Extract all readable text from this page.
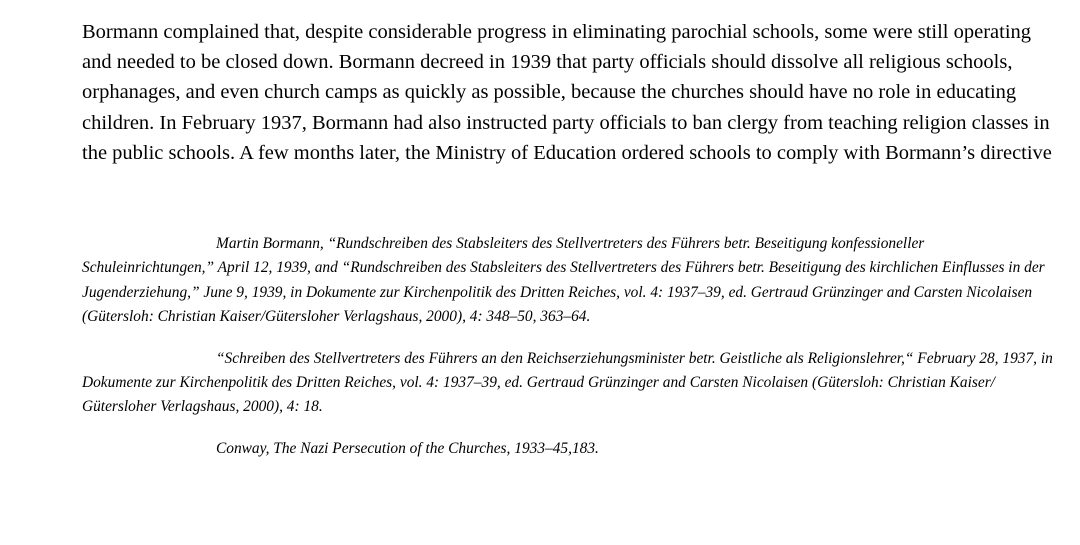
Bormann complained that, despite considerable progress in eliminating parochial schools, some were still operating and needed to be closed down. Bormann decreed in 1939 that party officials should dissolve all religious schools, orphanages, and even church camps as quickly as possible, because the churches should have no role in educating children. In February 1937, Bormann had also instructed party officials to ban clergy from teaching religion classes in the public schools. A few months later, the Ministry of Education ordered schools to comply with Bormann’s directive

Martin Bormann, “Rundschreiben des Stabsleiters des Stellvertreters des Führers betr. Beseitigung konfessioneller Schuleinrichtungen,” April 12, 1939, and “Rundschreiben des Stabsleiters des Stellvertreters des Führers betr. Beseitigung des kirchlichen Einflusses in der Jugenderziehung,” June 9, 1939, in Dokumente zur Kirchenpolitik des Dritten Reiches, vol. 4: 1937–39, ed. Gertraud Grünzinger and Carsten Nicolaisen (Gütersloh: Christian Kaiser/Gütersloher Verlagshaus, 2000), 4: 348–50, 363–64.

“Schreiben des Stellvertreters des Führers an den Reichserziehungsminister betr. Geistliche als Religionslehrer,“ February 28, 1937, in Dokumente zur Kirchenpolitik des Dritten Reiches, vol. 4: 1937–39, ed. Gertraud Grünzinger and Carsten Nicolaisen (Gütersloh: Christian Kaiser/ Gütersloher Verlagshaus, 2000), 4: 18.

Conway, The Nazi Persecution of the Churches, 1933–45,183.
